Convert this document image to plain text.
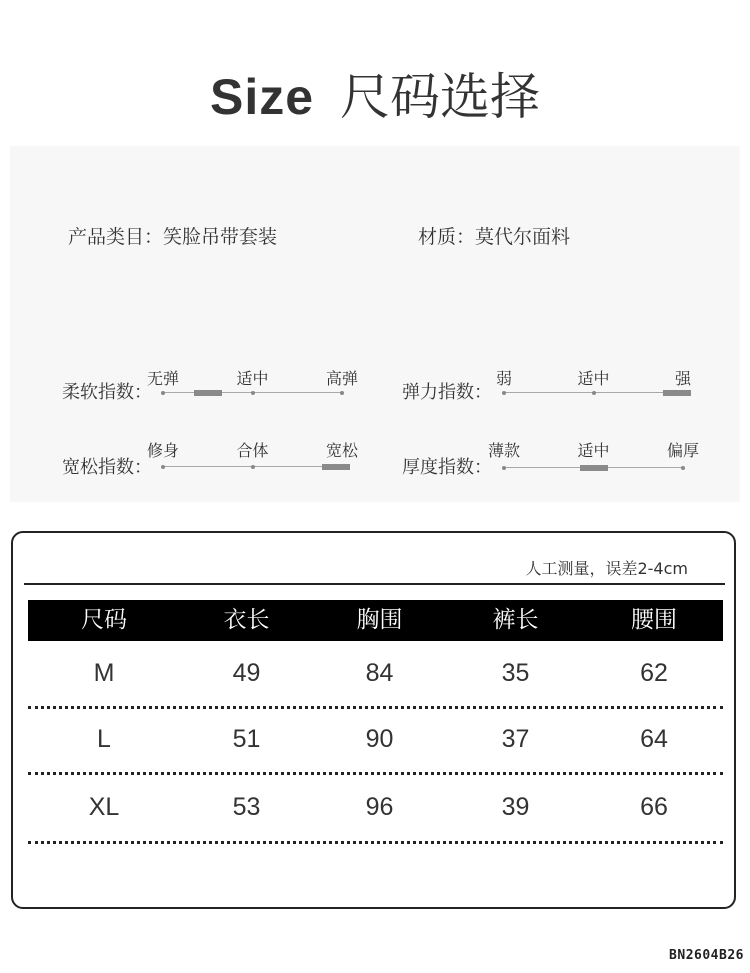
Size 尺码选择
产品类目：笑脸吊带套装	材质：莫代尔面料
柔软指数：
无弹	适中	高弹
弹力指数：
弱	适中	强
宽松指数：
修身	合体	宽松
厚度指数：
薄款	适中	偏厚
人工测量，误差2-4cm
尺码	衣长	胸围	裤长	腰围
M	49	84	35	62
L	51	90	37	64
XL	53	96	39	66
BN2604B26
